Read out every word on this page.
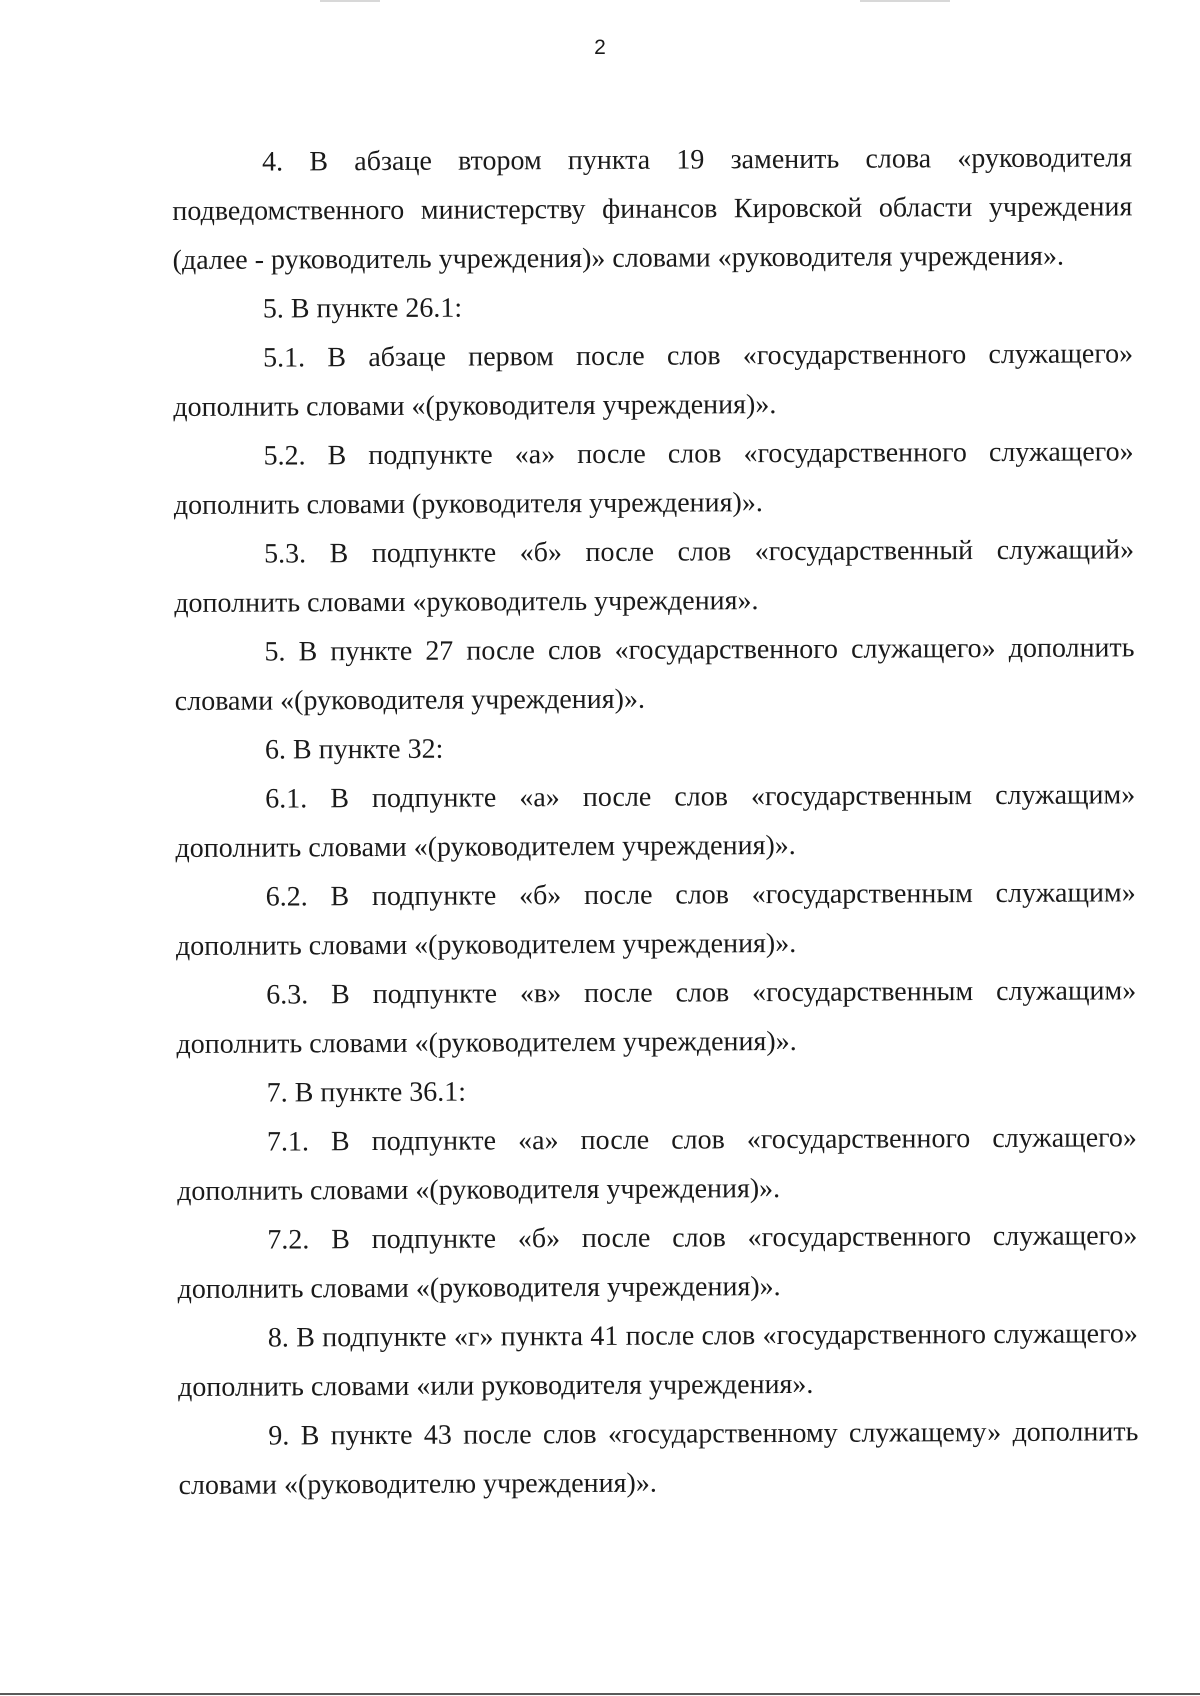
2

4. В абзаце втором пункта 19 заменить слова «руководителя подведомственного министерству финансов Кировской области учреждения (далее - руководитель учреждения)» словами «руководителя учреждения».

5. В пункте 26.1:

5.1. В абзаце первом после слов «государственного служащего» дополнить словами «(руководителя учреждения)».

5.2. В подпункте «а» после слов «государственного служащего» дополнить словами (руководителя учреждения)».

5.3. В подпункте «б» после слов «государственный служащий» дополнить словами «руководитель учреждения».

5. В пункте 27 после слов «государственного служащего» дополнить словами «(руководителя учреждения)».

6. В пункте 32:

6.1. В подпункте «а» после слов «государственным служащим» дополнить словами «(руководителем учреждения)».

6.2. В подпункте «б» после слов «государственным служащим» дополнить словами «(руководителем учреждения)».

6.3. В подпункте «в» после слов «государственным служащим» дополнить словами «(руководителем учреждения)».

7. В пункте 36.1:

7.1. В подпункте «а» после слов «государственного служащего» дополнить словами «(руководителя учреждения)».

7.2. В подпункте «б» после слов «государственного служащего» дополнить словами «(руководителя учреждения)».

8. В подпункте «г» пункта 41 после слов «государственного служащего» дополнить словами «или руководителя учреждения».

9. В пункте 43 после слов «государственному служащему» дополнить словами «(руководителю учреждения)».
